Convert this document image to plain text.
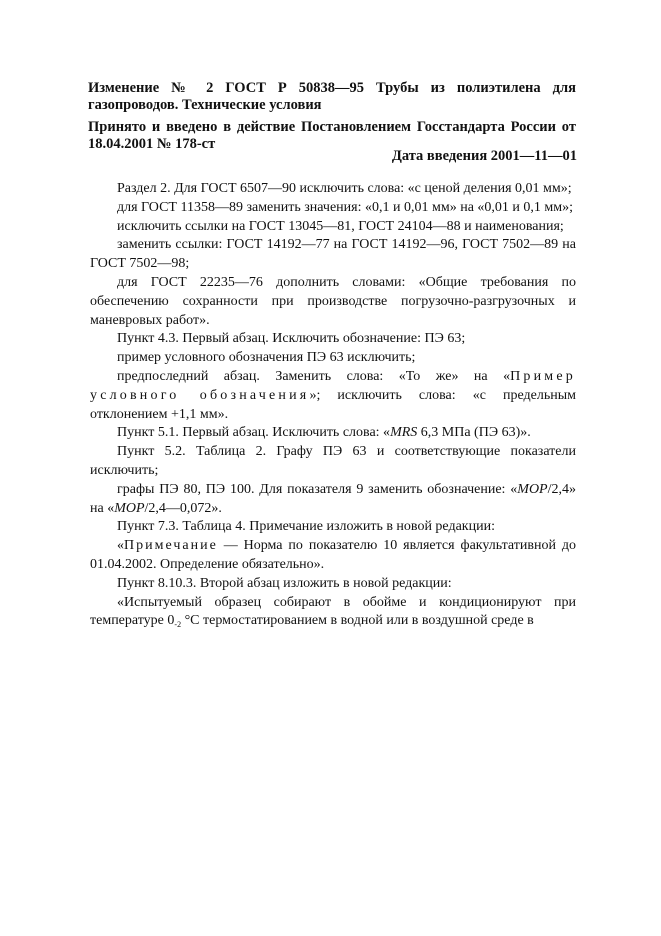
Изменение № 2 ГОСТ Р 50838—95 Трубы из полиэтилена для газопроводов. Технические условия
Принято и введено в действие Постановлением Госстандарта России от 18.04.2001 № 178-ст
Дата введения 2001—11—01

Раздел 2. Для ГОСТ 6507—90 исключить слова: «с ценой деления 0,01 мм»;

для ГОСТ 11358—89 заменить значения: «0,1 и 0,01 мм» на «0,01 и 0,1 мм»;

исключить ссылки на ГОСТ 13045—81, ГОСТ 24104—88 и наименования;

заменить ссылки: ГОСТ 14192—77 на ГОСТ 14192—96, ГОСТ 7502—89 на ГОСТ 7502—98;

для ГОСТ 22235—76 дополнить словами: «Общие требования по обеспечению сохранности при производстве погрузочно-разгрузочных и маневровых работ».

Пункт 4.3. Первый абзац. Исключить обозначение: ПЭ 63;

пример условного обозначения ПЭ 63 исключить;

предпоследний абзац. Заменить слова: «То же» на «Пример условного обозначения»; исключить слова: «с предельным отклонением +1,1 мм».

Пункт 5.1. Первый абзац. Исключить слова: «MRS 6,3 МПа (ПЭ 63)».

Пункт 5.2. Таблица 2. Графу ПЭ 63 и соответствующие показатели исключить;

графы ПЭ 80, ПЭ 100. Для показателя 9 заменить обозначение: «MOP/2,4» на «MOP/2,4—0,072».

Пункт 7.3. Таблица 4. Примечание изложить в новой редакции:

«Примечание — Норма по показателю 10 является факультативной до 01.04.2002. Определение обязательно».

Пункт 8.10.3. Второй абзац изложить в новой редакции:

«Испытуемый образец собирают в обойме и кондиционируют при температуре $0_{-2}$ °С термостатированием в водной или в воздушной среде в
